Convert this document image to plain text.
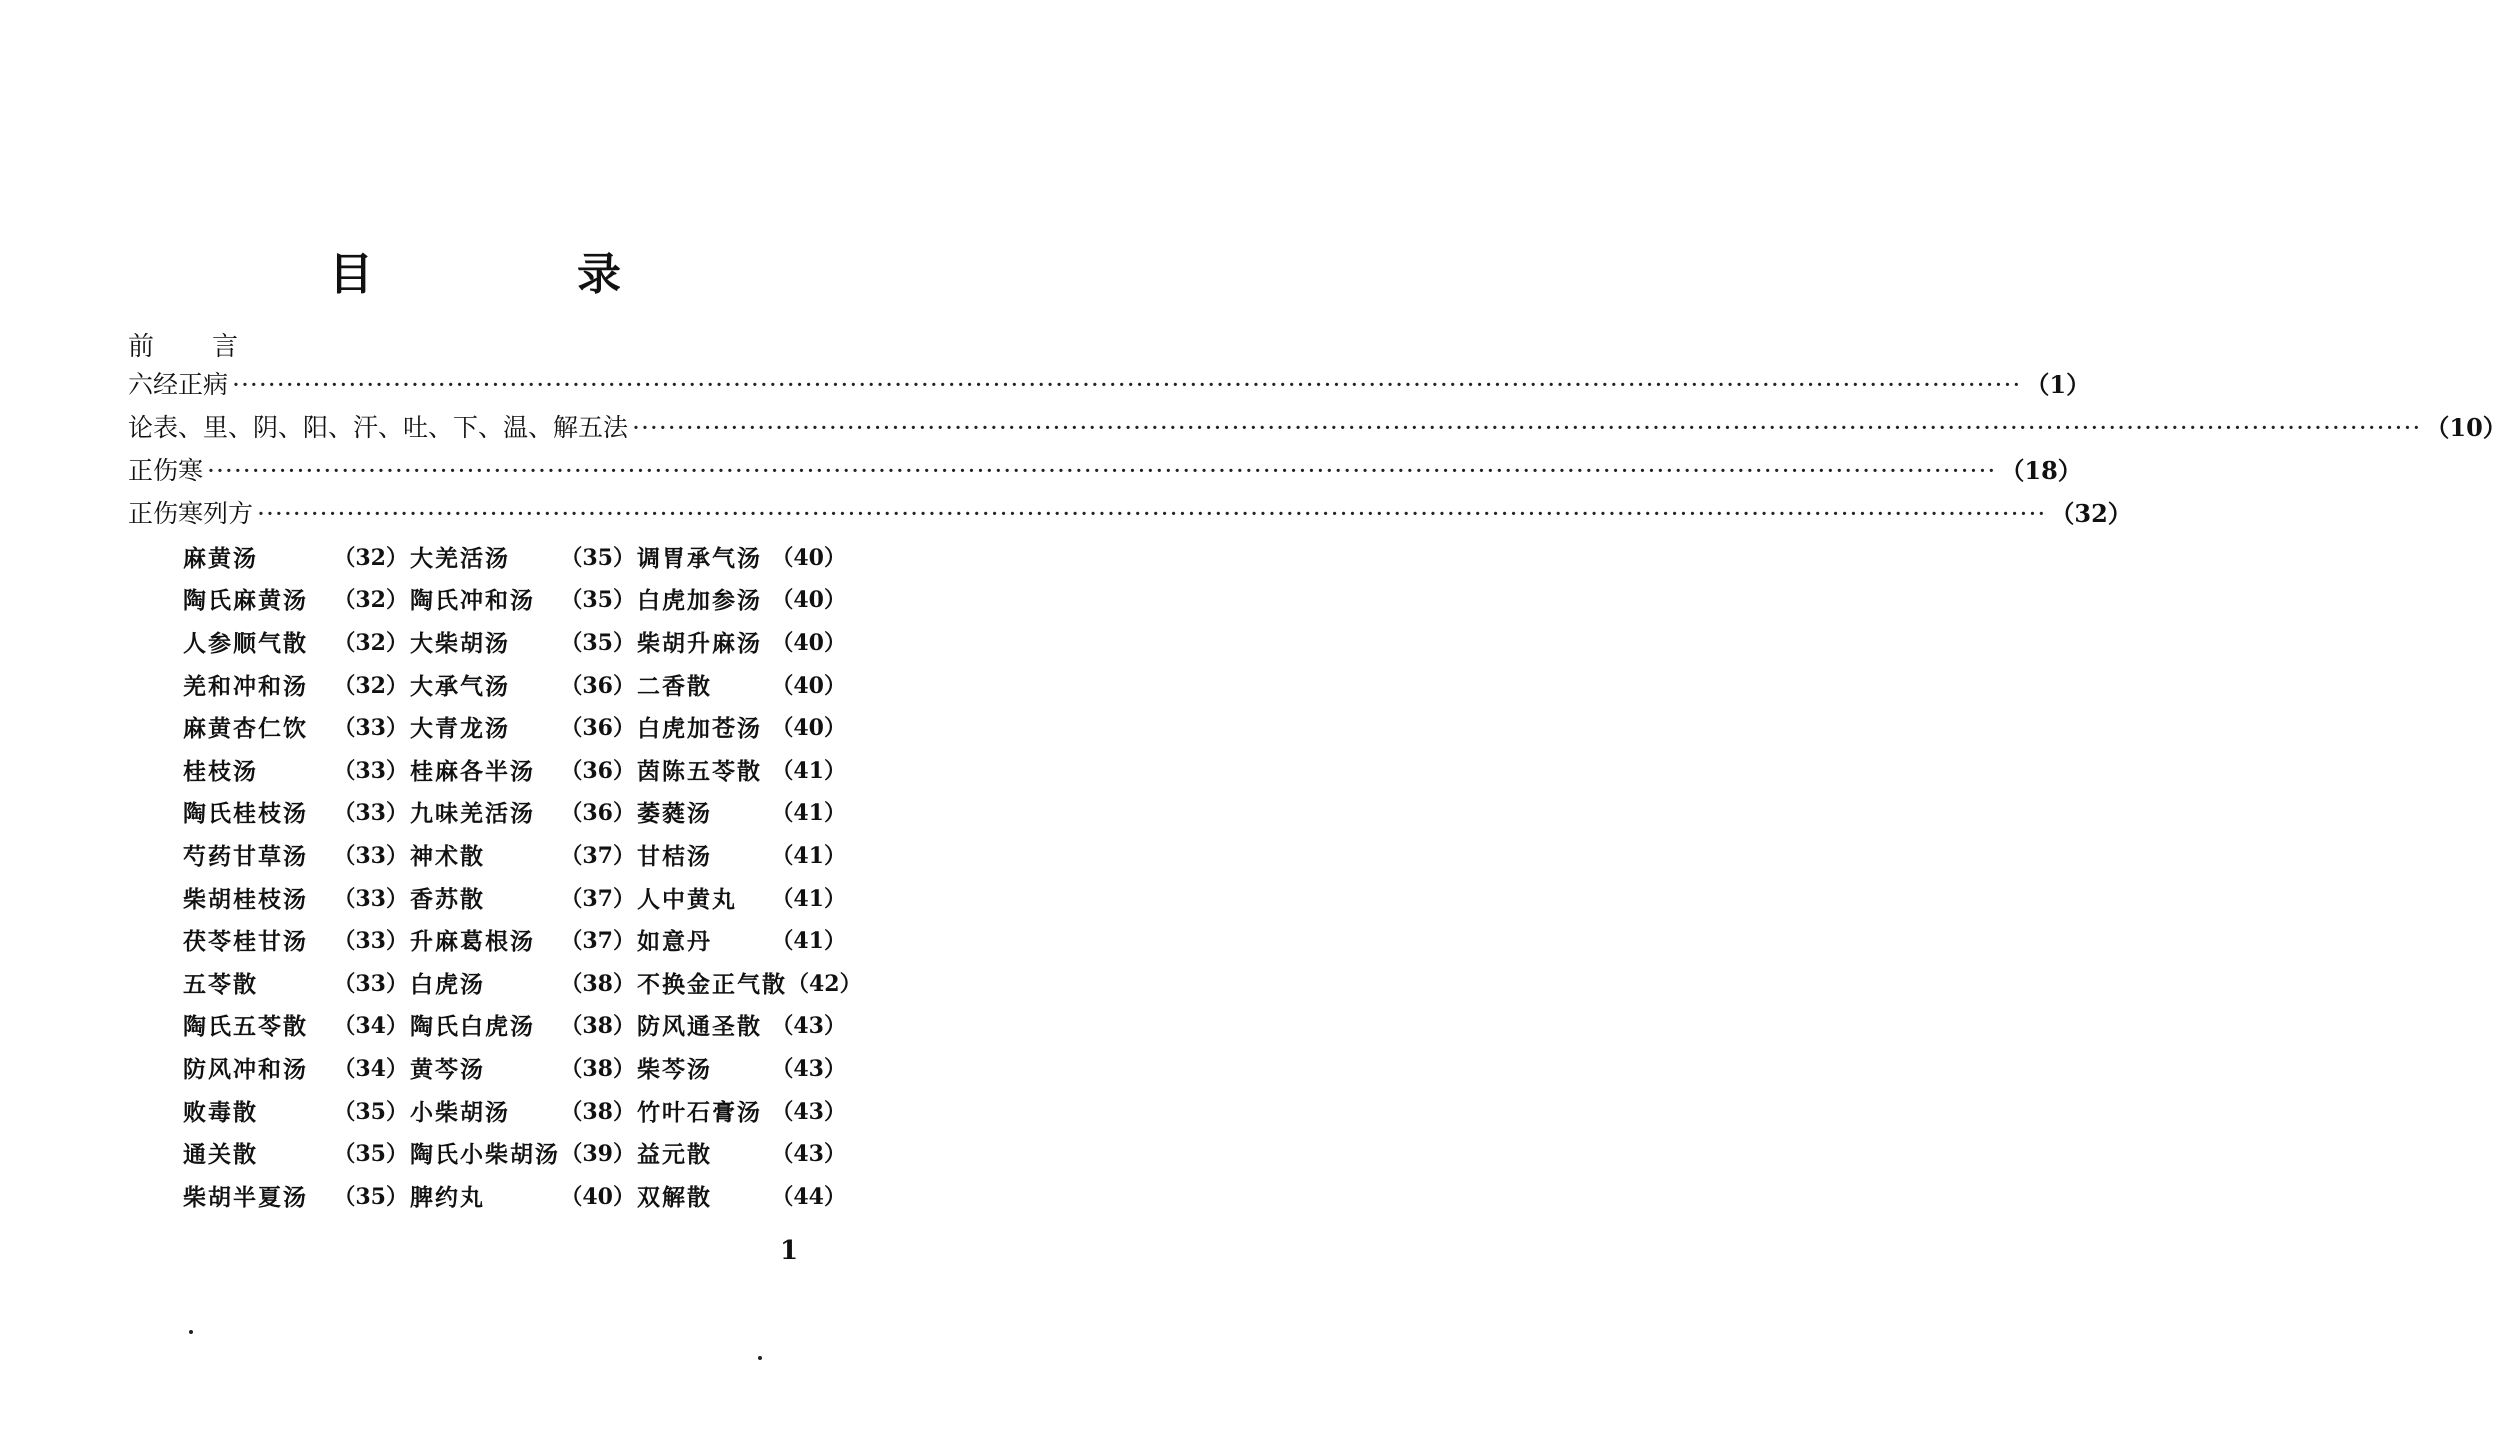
目　录
前言
六经正病 ········································································································································································································ （1）
论表、里、阴、阳、汗、吐、下、温、解五法 ········································································································································································································ （10）
正伤寒 ········································································································································································································ （18）
正伤寒列方 ········································································································································································································ （32）
麻黄汤	（32） 大羌活汤 （35） 调胃承气汤 （40）
陶氏麻黄汤 （32） 陶氏冲和汤 （35） 白虎加参汤 （40）
人参顺气散 （32） 大柴胡汤 （35） 柴胡升麻汤 （40）
羌和冲和汤 （32） 大承气汤 （36） 二香散	（40）
麻黄杏仁饮 （33） 大青龙汤 （36） 白虎加苍汤 （40）
桂枝汤	（33） 桂麻各半汤 （36） 茵陈五苓散 （41）
陶氏桂枝汤 （33） 九味羌活汤 （36） 萎蕤汤	（41）
芍药甘草汤 （33） 神术散	（37） 甘桔汤	（41）
柴胡桂枝汤 （33） 香苏散	（37） 人中黄丸 （41）
茯苓桂甘汤 （33） 升麻葛根汤 （37） 如意丹	（41）
五苓散	（33） 白虎汤	（38） 不换金正气散 （42）
陶氏五苓散 （34） 陶氏白虎汤 （38） 防风通圣散 （43）
防风冲和汤 （34） 黄芩汤	（38） 柴芩汤	（43）
败毒散	（35） 小柴胡汤 （38） 竹叶石膏汤 （43）
通关散	（35） 陶氏小柴胡汤 （39） 益元散	（43）
柴胡半夏汤 （35） 脾约丸	（40） 双解散	（44）
1
